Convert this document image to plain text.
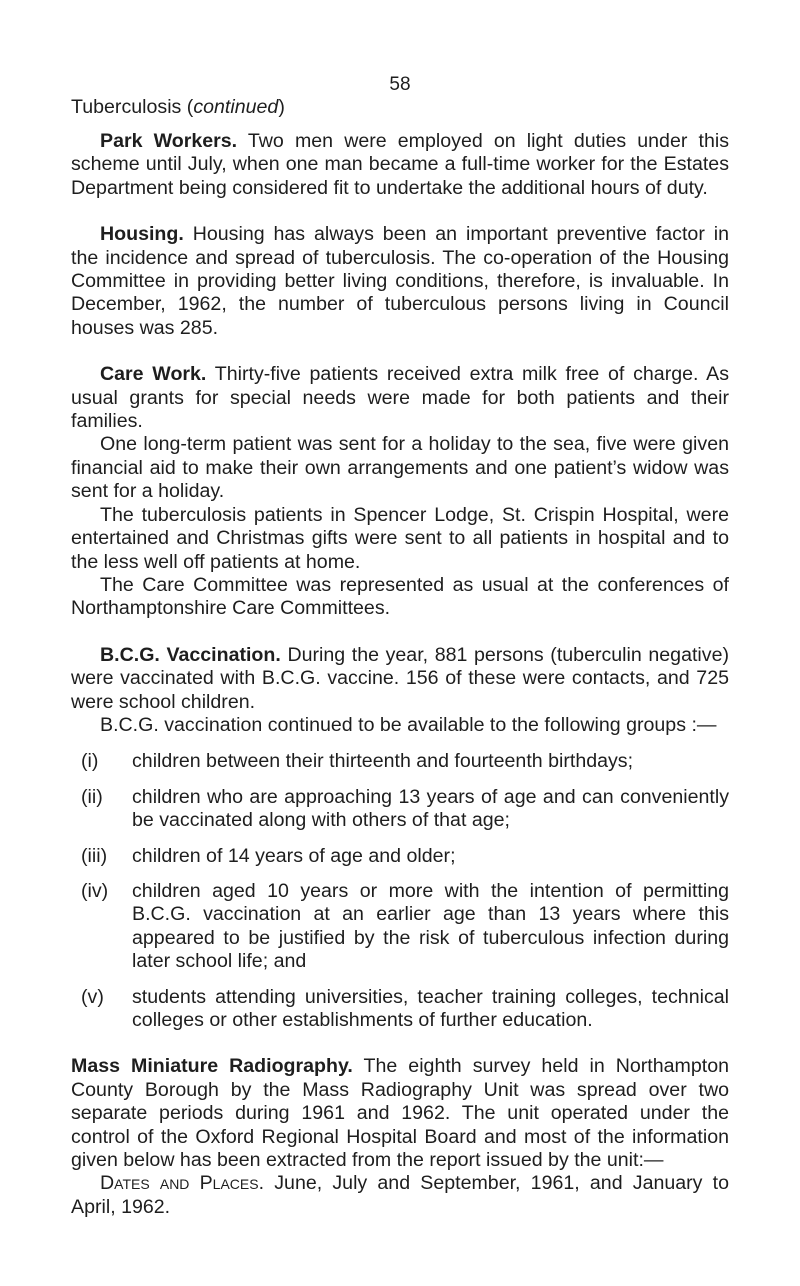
58
Tuberculosis (continued)

Park Workers. Two men were employed on light duties under this scheme until July, when one man became a full-time worker for the Estates Department being considered fit to undertake the additional hours of duty.

Housing. Housing has always been an important preventive factor in the incidence and spread of tuberculosis. The co-operation of the Housing Committee in providing better living conditions, therefore, is invaluable. In December, 1962, the number of tuberculous persons living in Council houses was 285.

Care Work. Thirty-five patients received extra milk free of charge. As usual grants for special needs were made for both patients and their families.

One long-term patient was sent for a holiday to the sea, five were given financial aid to make their own arrangements and one patient’s widow was sent for a holiday.

The tuberculosis patients in Spencer Lodge, St. Crispin Hospital, were entertained and Christmas gifts were sent to all patients in hospital and to the less well off patients at home.

The Care Committee was represented as usual at the conferences of Northamptonshire Care Committees.

B.C.G. Vaccination. During the year, 881 persons (tuberculin negative) were vaccinated with B.C.G. vaccine. 156 of these were contacts, and 725 were school children.

B.C.G. vaccination continued to be available to the following groups :—

(i) children between their thirteenth and fourteenth birthdays;
(ii) children who are approaching 13 years of age and can conveniently be vaccinated along with others of that age;
(iii) children of 14 years of age and older;
(iv) children aged 10 years or more with the intention of permitting B.C.G. vaccination at an earlier age than 13 years where this appeared to be justified by the risk of tuberculous infection during later school life; and
(v) students attending universities, teacher training colleges, technical colleges or other establishments of further education.

Mass Miniature Radiography. The eighth survey held in Northampton County Borough by the Mass Radiography Unit was spread over two separate periods during 1961 and 1962. The unit operated under the control of the Oxford Regional Hospital Board and most of the information given below has been extracted from the report issued by the unit:—

Dates and Places. June, July and September, 1961, and January to April, 1962.
